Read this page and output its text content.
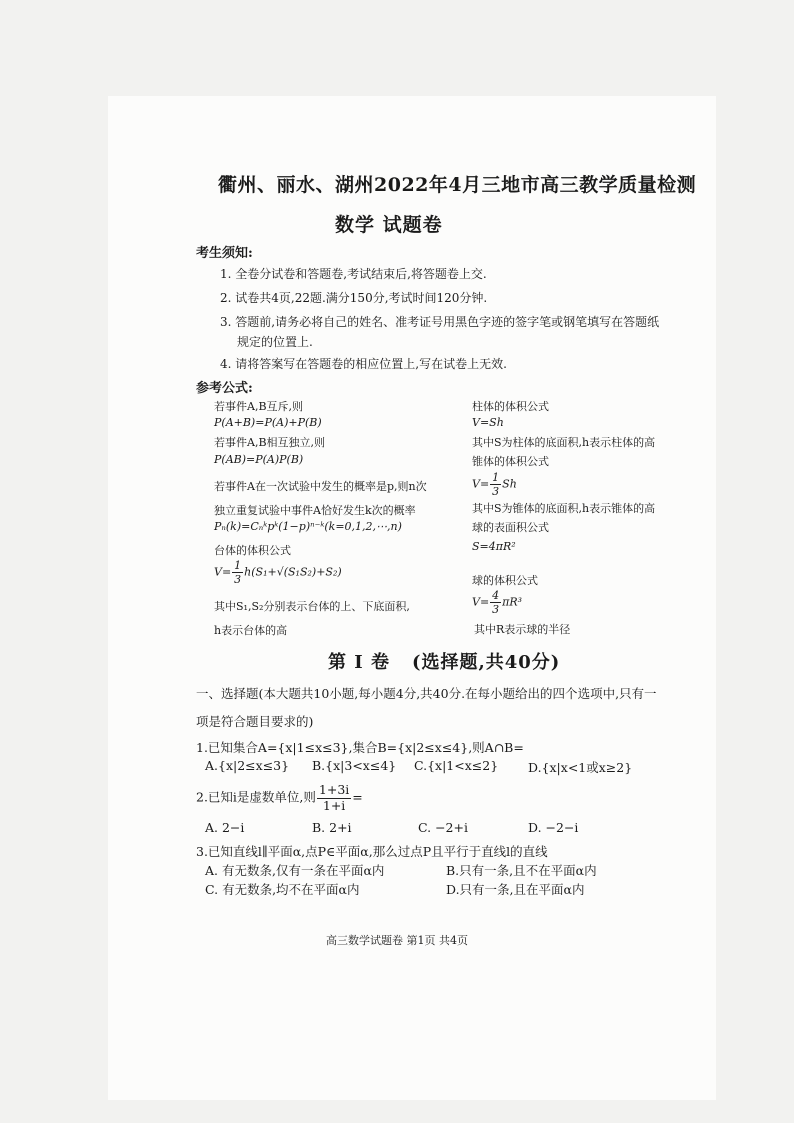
衢州、丽水、湖州2022年4月三地市高三教学质量检测
数学 试题卷
考生须知:
1. 全卷分试卷和答题卷,考试结束后,将答题卷上交.
2. 试卷共4页,22题.满分150分,考试时间120分钟.
3. 答题前,请务必将自己的姓名、准考证号用黑色字迹的签字笔或钢笔填写在答题纸
规定的位置上.
4. 请将答案写在答题卷的相应位置上,写在试卷上无效.
参考公式:
若事件A,B互斥,则
P(A+B)=P(A)+P(B)
若事件A,B相互独立,则
P(AB)=P(A)P(B)
若事件A在一次试验中发生的概率是p,则n次
独立重复试验中事件A恰好发生k次的概率
Pₙ(k)=Cₙᵏpᵏ(1−p)ⁿ⁻ᵏ(k=0,1,2,⋯,n)
台体的体积公式
$V= \frac{1}{3} h(S_1+√(S_1S_2)+S_2)$
其中S₁,S₂分别表示台体的上、下底面积,
h表示台体的高
柱体的体积公式
V=Sh
其中S为柱体的底面积,h表示柱体的高
锥体的体积公式
$V= \frac{1}{3}$ Sh
其中S为锥体的底面积,h表示锥体的高
球的表面积公式
S=4πR²
球的体积公式
$V= \frac{4}{3} \pi R^3$
其中R表示球的半径
第 Ⅰ 卷 (选择题,共40分)
一、选择题(本大题共10小题,每小题4分,共40分.在每小题给出的四个选项中,只有一
项是符合题目要求的)
1.已知集合A={x|1≤x≤3},集合B={x|2≤x≤4},则A∩B=
A.{x|2≤x≤3} B.{x|3<x≤4} C.{x|1<x≤2} D.{x|x<1或x≥2}
2.已知i是虚数单位,则 $\frac{1+3i}{1+i}$ =
A. 2−i	B. 2+i	C. −2+i	D. −2−i
3.已知直线l∥平面α,点P∈平面α,那么过点P且平行于直线l的直线
A. 有无数条,仅有一条在平面α内	B.只有一条,且不在平面α内
C. 有无数条,均不在平面α内	D.只有一条,且在平面α内
高三数学试题卷 第1页 共4页
